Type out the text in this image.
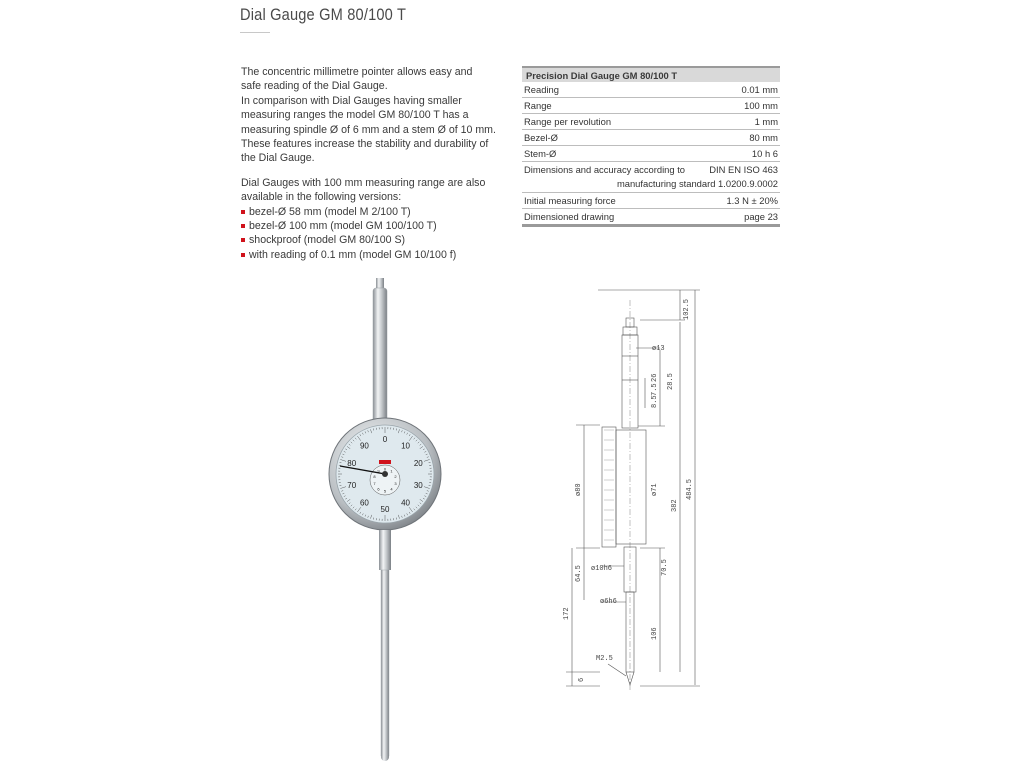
Dial Gauge GM 80/100 T

The concentric millimetre pointer allows easy and

safe reading of the Dial Gauge.

In comparison with Dial Gauges having smaller

measuring ranges the model GM 80/100 T has a

measuring spindle Ø of 6 mm and a stem Ø of 10 mm.

These features increase the stability and durability of

the Dial Gauge.

Dial Gauges with 100 mm measuring range are also

available in the following versions:

bezel-Ø 58 mm (model M 2/100 T)
bezel-Ø 100 mm (model GM 100/100 T)
shockproof (model GM 80/100 S)
with reading of 0.1 mm (model GM 10/100 f)
Precision Dial Gauge GM 80/100 T
Reading	0.01 mm
Range	100 mm
Range per revolution	1 mm
Bezel-Ø	80 mm
Stem-Ø	10 h 6
Dimensions and accuracy according to	DIN EN ISO 463
manufacturing standard 1.0200.9.0002
Initial measuring force	1.3 N ± 20%
Dimensioned drawing	page 23
0
10
20
30
40
50
60
70
80
90
0 1
2
3
4
5
6
7
8
9
ø13
26
7.5
8.5
28.5
102.5
ø80	ø71
382
484.5
64.5 ø10h6	70.5
ø6h6
172
106
M2.5
6
